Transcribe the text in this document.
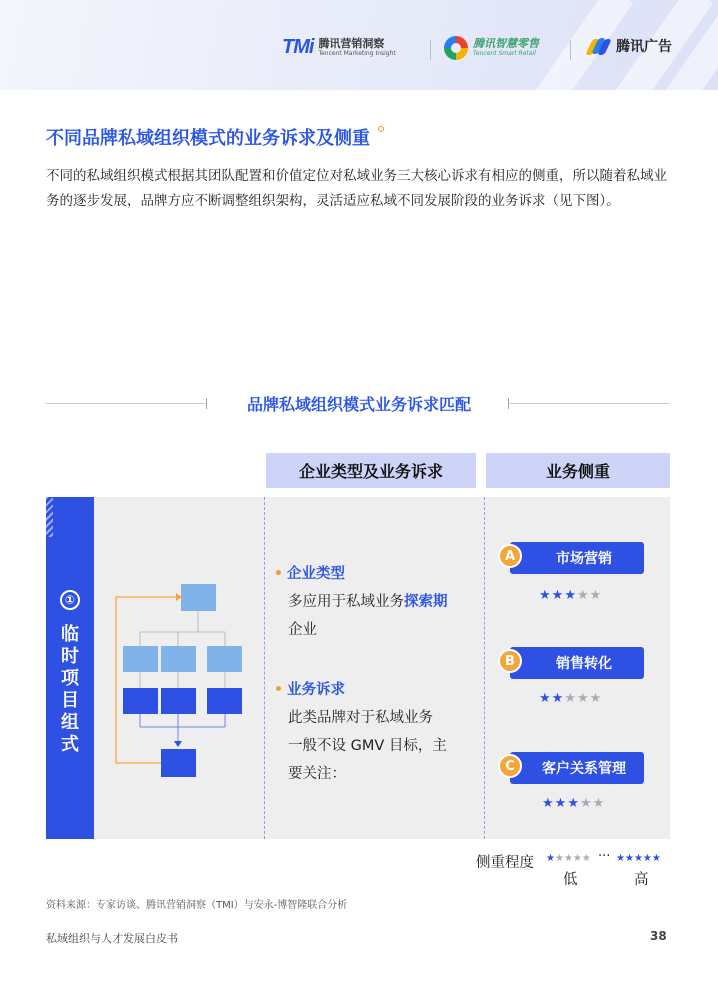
TMi 腾讯营销洞察
Tencent Marketing Insight
腾讯智慧零售
Tencent Smart Retail	腾讯广告
不同品牌私域组织模式的业务诉求及侧重

不同的私域组织模式根据其团队配置和价值定位对私域业务三大核心诉求有相应的侧重，所以随着私域业务的逐步发展，品牌方应不断调整组织架构，灵活适应私域不同发展阶段的业务诉求（见下图）。

品牌私域组织模式业务诉求匹配
企业类型及业务诉求	业务侧重
①
临
时
项
目
组
式
企业类型
多应用于私域业务探索期
企业
业务诉求
此类品牌对于私域业务
一般不设 GMV 目标，主
要关注：
市场营销
A
★★★★★
销售转化
B
★★★★★
客户关系管理
C
★★★★★
侧重程度 ★★★★★ ··· ★★★★★
低	高
资料来源：专家访谈、腾讯营销洞察（TMI）与安永-博智隆联合分析
私域组织与人才发展白皮书	38
